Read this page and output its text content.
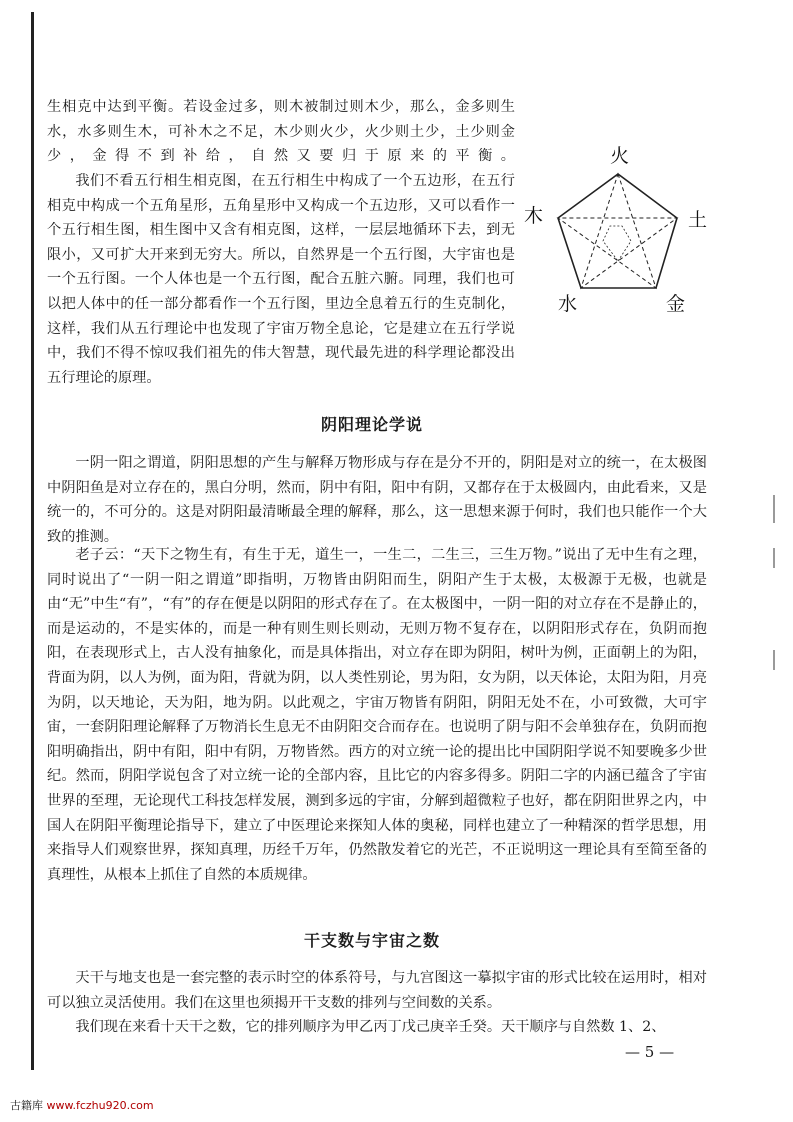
生相克中达到平衡。若设金过多，则木被制过则木少，那么，金多则生水，水多则生木，可补木之不足，木少则火少，火少则土少，土少则金少，金得不到补给，自然又要归于原来的平衡。

我们不看五行相生相克图，在五行相生中构成了一个五边形，在五行相克中构成一个五角星形，五角星形中又构成一个五边形，又可以看作一个五行相生图，相生图中又含有相克图，这样，一层层地循环下去，到无限小，又可扩大开来到无穷大。所以，自然界是一个五行图，大宇宙也是一个五行图。一个人体也是一个五行图，配合五脏六腑。同理，我们也可以把人体中的任一部分都看作一个五行图，里边全息着五行的生克制化，这样，我们从五行理论中也发现了宇宙万物全息论，它是建立在五行学说中，我们不得不惊叹我们祖先的伟大智慧，现代最先进的科学理论都没出五行理论的原理。

火
土
金
水
木
阴阳理论学说

一阴一阳之谓道，阴阳思想的产生与解释万物形成与存在是分不开的，阴阳是对立的统一，在太极图中阴阳鱼是对立存在的，黑白分明，然而，阴中有阳，阳中有阴，又都存在于太极圆内，由此看来，又是统一的，不可分的。这是对阴阳最清晰最全理的解释，那么，这一思想来源于何时，我们也只能作一个大致的推测。

老子云：“天下之物生有，有生于无，道生一，一生二，二生三，三生万物。”说出了无中生有之理，同时说出了“一阴一阳之谓道”即指明，万物皆由阴阳而生，阴阳产生于太极，太极源于无极，也就是由“无”中生“有”，“有”的存在便是以阴阳的形式存在了。在太极图中，一阴一阳的对立存在不是静止的，而是运动的，不是实体的，而是一种有则生则长则动，无则万物不复存在，以阴阳形式存在，负阴而抱阳，在表现形式上，古人没有抽象化，而是具体指出，对立存在即为阴阳，树叶为例，正面朝上的为阳，背面为阴，以人为例，面为阳，背就为阴，以人类性别论，男为阳，女为阴，以天体论，太阳为阳，月亮为阴，以天地论，天为阳，地为阴。以此观之，宇宙万物皆有阴阳，阴阳无处不在，小可致微，大可宇宙，一套阴阳理论解释了万物消长生息无不由阴阳交合而存在。也说明了阴与阳不会单独存在，负阴而抱阳明确指出，阴中有阳，阳中有阴，万物皆然。西方的对立统一论的提出比中国阴阳学说不知要晚多少世纪。然而，阴阳学说包含了对立统一论的全部内容，且比它的内容多得多。阴阳二字的内涵已蕴含了宇宙世界的至理，无论现代工科技怎样发展，测到多远的宇宙，分解到超微粒子也好，都在阴阳世界之内，中国人在阴阳平衡理论指导下，建立了中医理论来探知人体的奥秘，同样也建立了一种精深的哲学思想，用来指导人们观察世界，探知真理，历经千万年，仍然散发着它的光芒，不正说明这一理论具有至简至备的真理性，从根本上抓住了自然的本质规律。

干支数与宇宙之数

天干与地支也是一套完整的表示时空的体系符号，与九宫图这一摹拟宇宙的形式比较在运用时，相对可以独立灵活使用。我们在这里也须揭开干支数的排列与空间数的关系。

我们现在来看十天干之数，它的排列顺序为甲乙丙丁戊己庚辛壬癸。天干顺序与自然数 1、2、

— 5 —
古籍库 www.fczhu920.com
